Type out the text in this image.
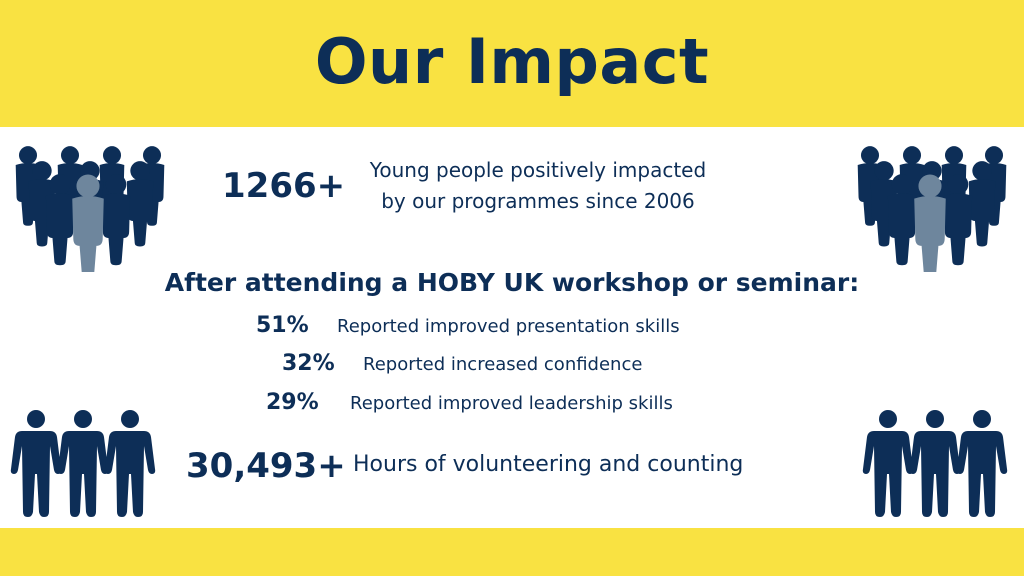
Our Impact
1266+	Young people positively impacted
by our programmes since 2006
After attending a HOBY UK workshop or seminar:
51% Reported improved presentation skills
32% Reported increased confidence
29% Reported improved leadership skills
30,493+ Hours of volunteering and counting
